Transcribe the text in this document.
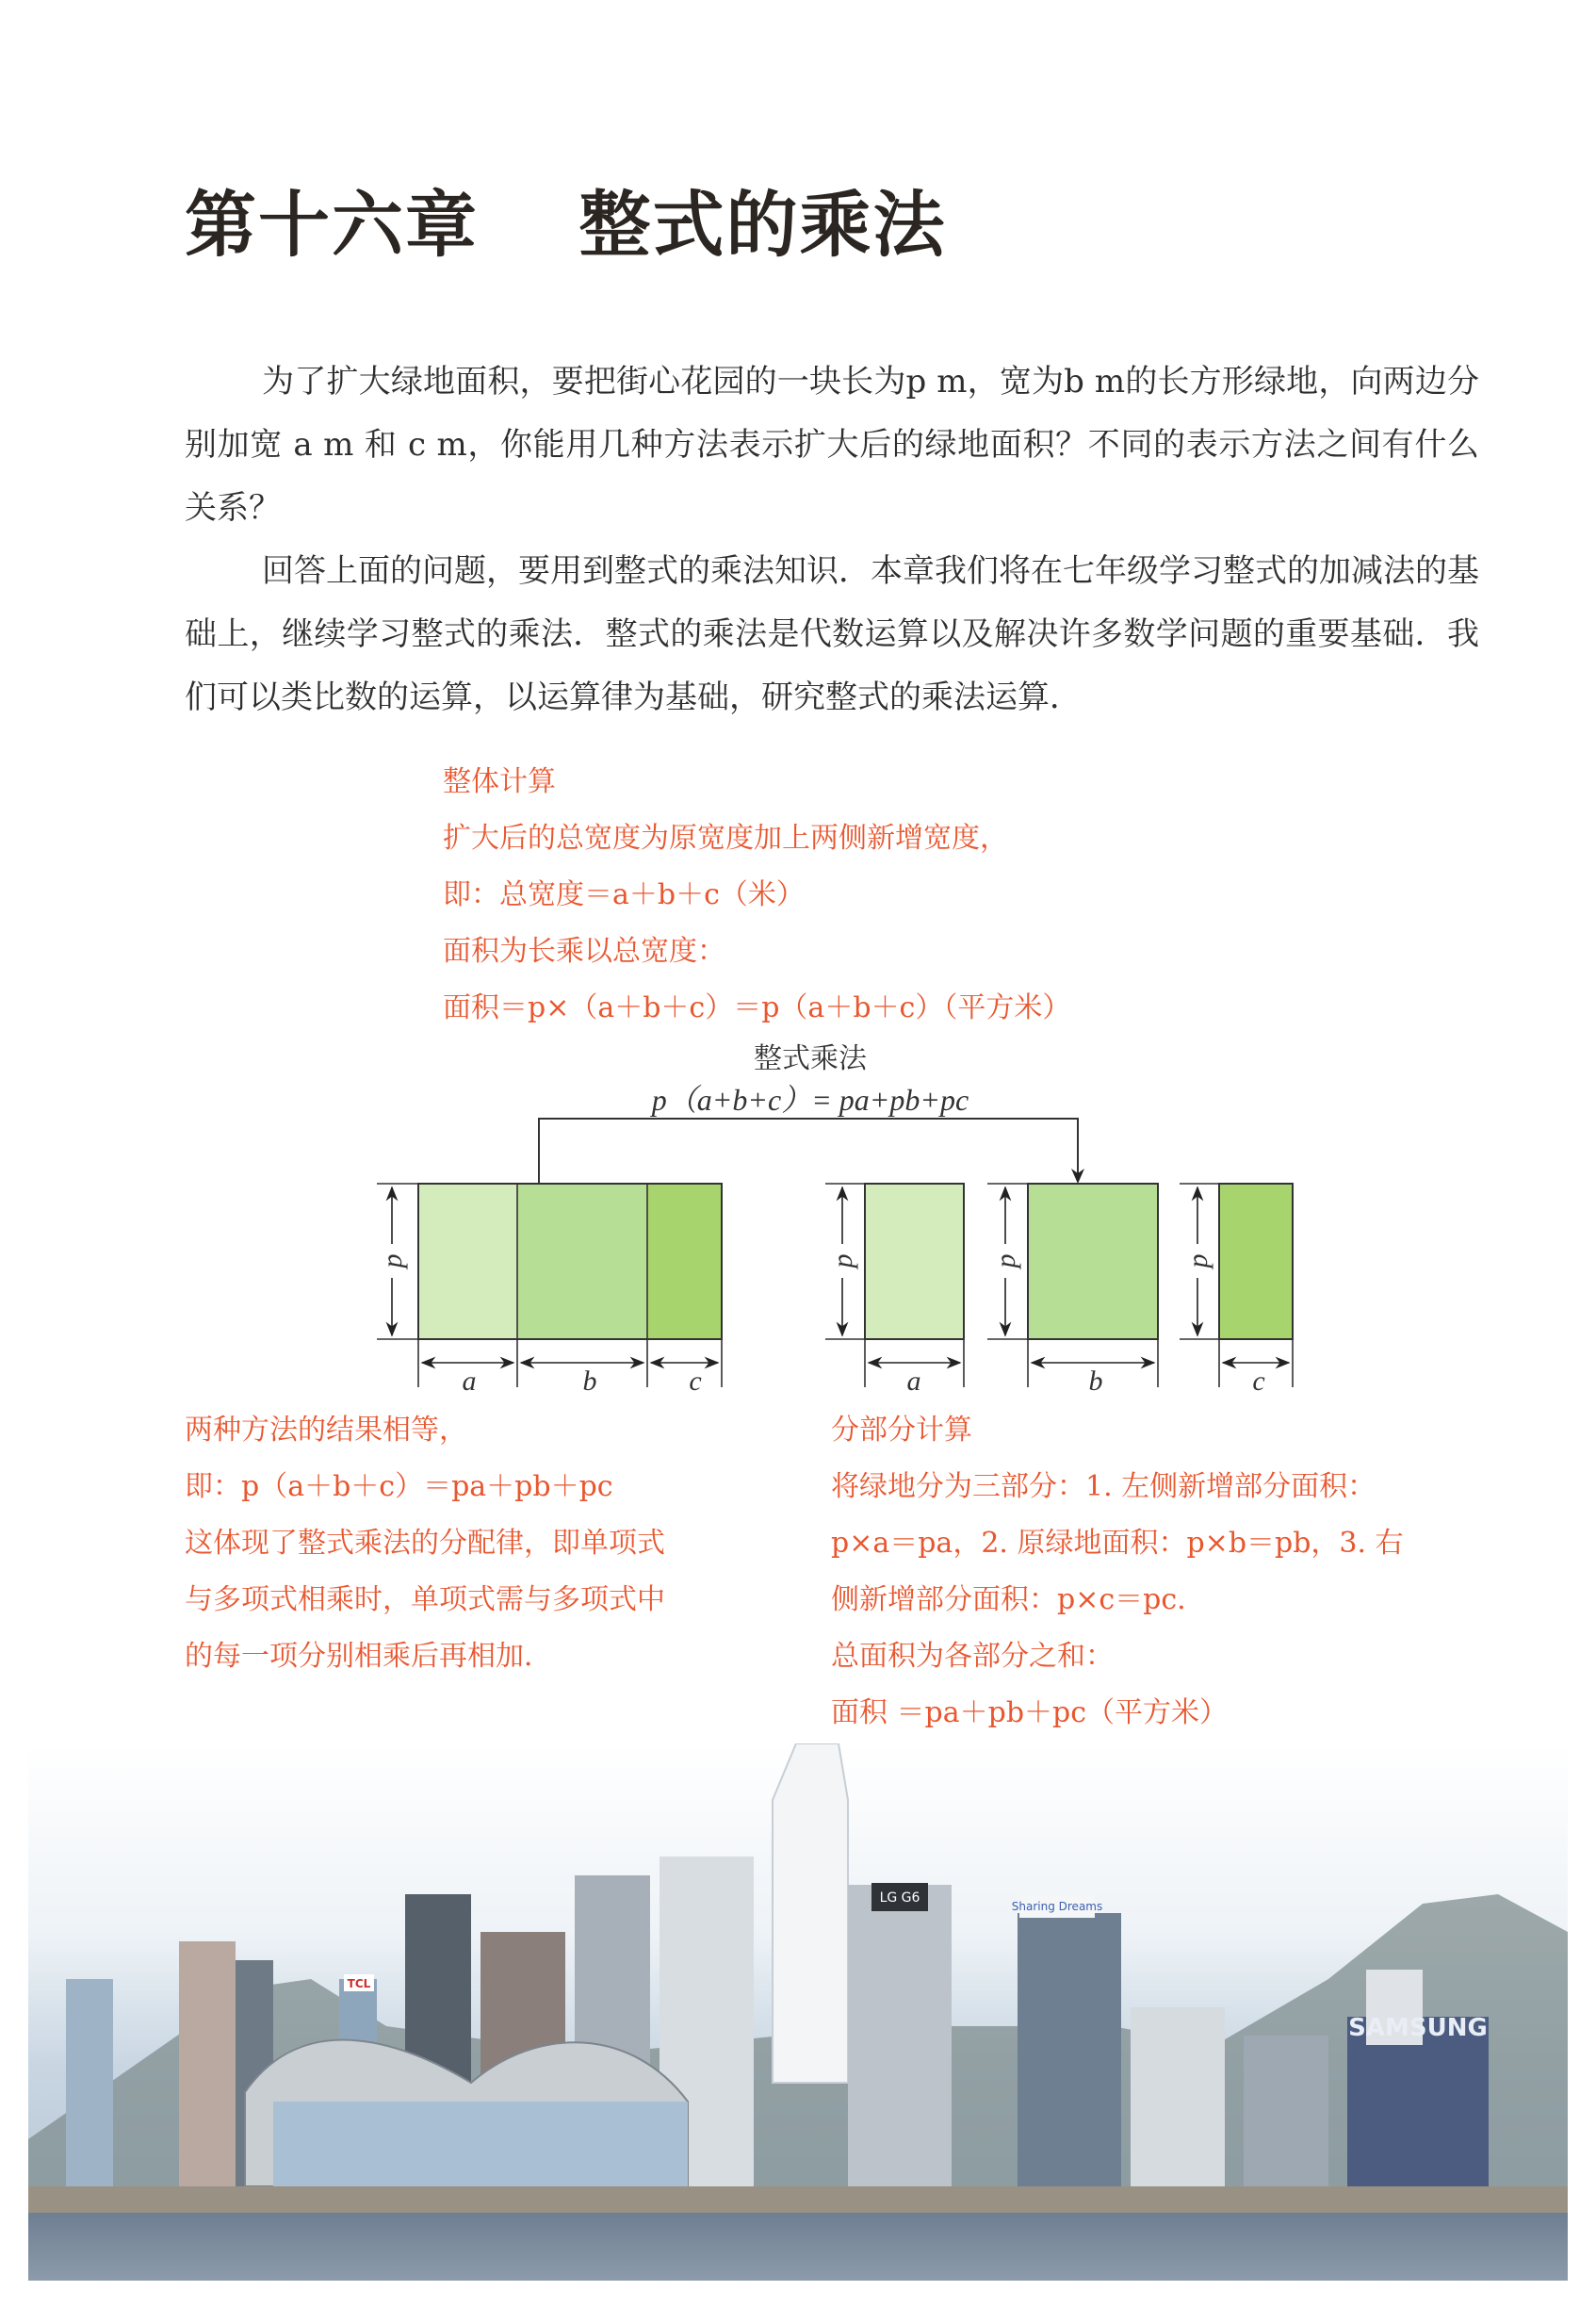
第十六章　 整式的乘法
为了扩大绿地面积，要把街心花园的一块长为p m，宽为b m的长方形绿地，向两边分别加宽 a m 和 c m，你能用几种方法表示扩大后的绿地面积？不同的表示方法之间有什么关系？
回答上面的问题，要用到整式的乘法知识．本章我们将在七年级学习整式的加减法的基础上，继续学习整式的乘法．整式的乘法是代数运算以及解决许多数学问题的重要基础．我们可以类比数的运算，以运算律为基础，研究整式的乘法运算．
整体计算
扩大后的总宽度为原宽度加上两侧新增宽度，
即：总宽度＝a＋b＋c（米）
面积为长乘以总宽度：
面积＝p×（a＋b＋c）＝p（a＋b＋c）（平方米）
整式乘法
p（a+b+c）= pa+pb+pc
p
a	b	c
p
a
p
b
p
c
两种方法的结果相等，
即：p（a＋b＋c）＝pa＋pb＋pc
这体现了整式乘法的分配律，即单项式
与多项式相乘时，单项式需与多项式中
的每一项分别相乘后再相加．
分部分计算
将绿地分为三部分：1. 左侧新增部分面积：
p×a＝pa，2. 原绿地面积：p×b＝pb，3. 右
侧新增部分面积：p×c＝pc.
总面积为各部分之和：
面积 ＝pa＋pb＋pc（平方米）
LG G6
Sharing Dreams
SAMSUNG
TCL
